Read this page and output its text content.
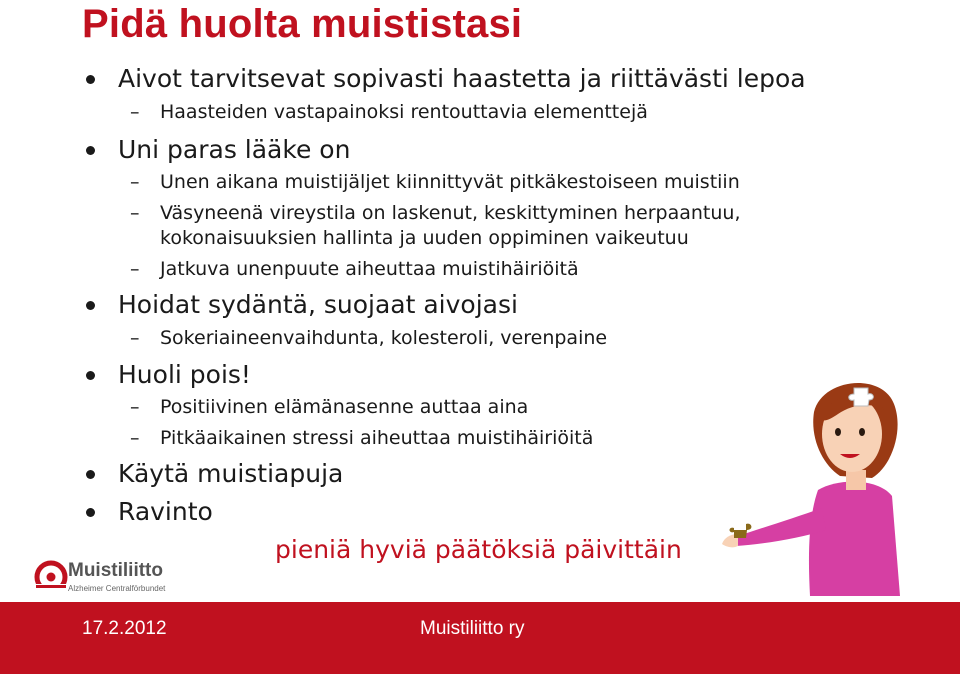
Pidä huolta muististasi
Aivot tarvitsevat sopivasti haastetta ja riittävästi lepoa
– Haasteiden vastapainoksi rentouttavia elementtejä
Uni paras lääke on
– Unen aikana muistijäljet kiinnittyvät pitkäkestoiseen muistiin
– Väsyneenä vireystila on laskenut, keskittyminen herpaantuu,
kokonaisuuksien hallinta ja uuden oppiminen vaikeutuu
– Jatkuva unenpuute aiheuttaa muistihäiriöitä
Hoidat sydäntä, suojaat aivojasi
– Sokeriaineenvaihdunta, kolesteroli, verenpaine
Huoli pois!
– Positiivinen elämänasenne auttaa aina
– Pitkäaikainen stressi aiheuttaa muistihäiriöitä
Käytä muistiapuja
Ravinto
pieniä hyviä päätöksiä päivittäin
Muistiliitto
Alzheimer Centralförbundet
17.2.2012	Muistiliitto ry
